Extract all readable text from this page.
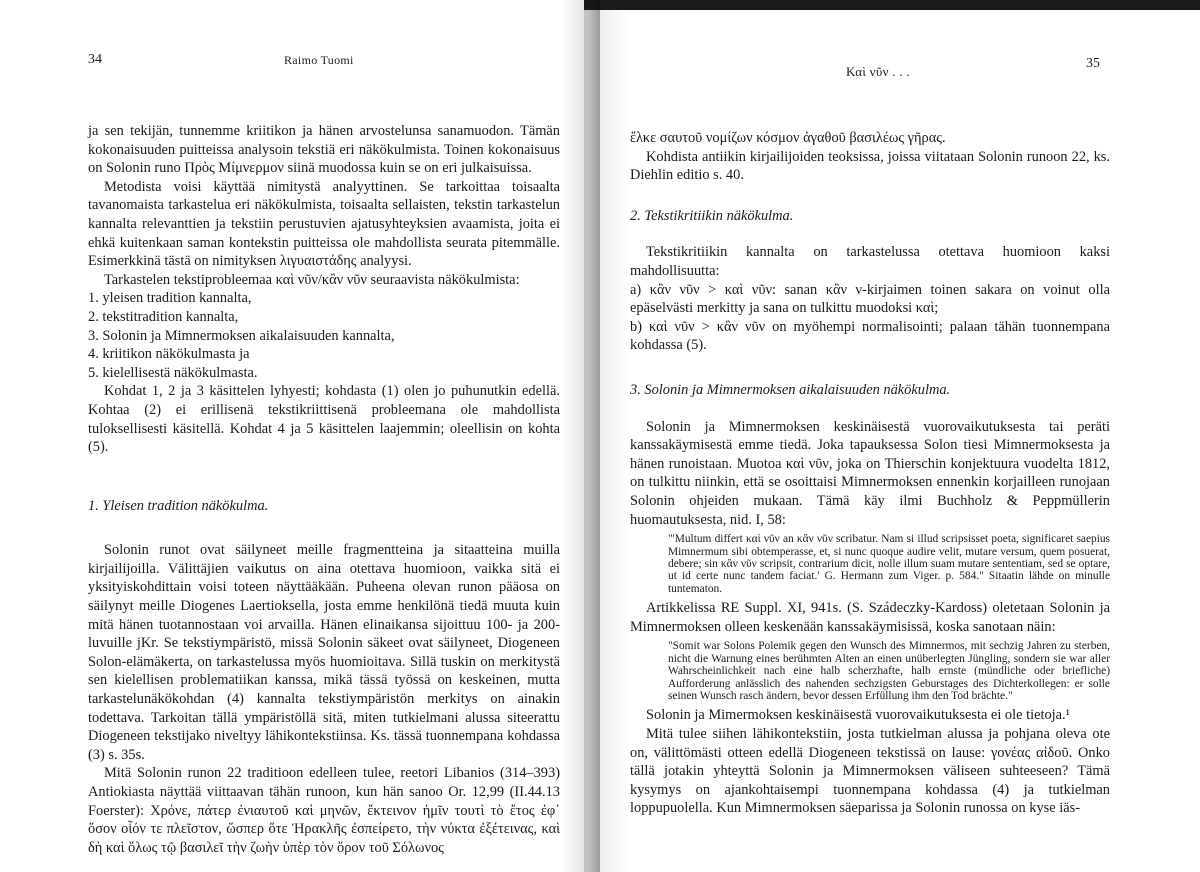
34	Raimo Tuomi

ja sen tekijän, tunnemme kriitikon ja hänen arvostelunsa sanamuodon. Tämän kokonaisuuden puitteissa analysoin tekstiä eri näkökulmista. Toinen kokonaisuus on Solonin runo Πρὸς Μίμνερμον siinä muodossa kuin se on eri julkaisuissa.

Metodista voisi käyttää nimitystä analyyttinen. Se tarkoittaa toisaalta tavanomaista tarkastelua eri näkökulmista, toisaalta sellaisten, tekstin tarkastelun kannalta relevanttien ja tekstiin perustuvien ajatusyhteyksien avaamista, joita ei ehkä kuitenkaan saman kontekstin puitteissa ole mahdollista seurata pitemmälle. Esimerkkinä tästä on nimityksen λιγυαιστάδης analyysi.

Tarkastelen tekstiprobleemaa καὶ νῦν/κἂν νῦν seuraavista näkökulmista:

1. yleisen tradition kannalta,

2. tekstitradition kannalta,

3. Solonin ja Mimnermoksen aikalaisuuden kannalta,

4. kriitikon näkökulmasta ja

5. kielellisestä näkökulmasta.

Kohdat 1, 2 ja 3 käsittelen lyhyesti; kohdasta (1) olen jo puhunutkin edellä. Kohtaa (2) ei erillisenä tekstikriittisenä probleemana ole mahdollista tuloksellisesti käsitellä. Kohdat 4 ja 5 käsittelen laajemmin; oleellisin on kohta (5).

1. Yleisen tradition näkökulma.

Solonin runot ovat säilyneet meille fragmentteina ja sitaatteina muilla kirjailijoilla. Välittäjien vaikutus on aina otettava huomioon, vaikka sitä ei yksityiskohdittain voisi toteen näyttääkään. Puheena olevan runon pääosa on säilynyt meille Diogenes Laertioksella, josta emme henkilönä tiedä muuta kuin mitä hänen tuotannostaan voi arvailla. Hänen elinaikansa sijoittuu 100- ja 200-luvuille jKr. Se tekstiympäristö, missä Solonin säkeet ovat säilyneet, Diogeneen Solon-elämäkerta, on tarkastelussa myös huomioitava. Sillä tuskin on merkitystä sen kielellisen problematiikan kanssa, mikä tässä työssä on keskeinen, mutta tarkastelunäkökohdan (4) kannalta tekstiympäristön merkitys on ainakin todettava. Tarkoitan tällä ympäristöllä sitä, miten tutkielmani alussa siteerattu Diogeneen tekstijako niveltyy lähikontekstiinsa. Ks. tässä tuonnempana kohdassa (3) s. 35s.

Mitä Solonin runon 22 traditioon edelleen tulee, reetori Libanios (314–393) Antiokiasta näyttää viittaavan tähän runoon, kun hän sanoo Or. 12,99 (II.44.13 Foerster): Χρόνε, πάτερ ἐνιαυτοῦ καὶ μηνῶν, ἔκτεινον ἡμῖν τουτὶ τὸ ἔτος ἐφ᾽ ὅσον οἷόν τε πλεῖστον, ὥσπερ ὅτε Ἡρακλῆς ἐσπείρετο, τὴν νύκτα ἐξέτεινας, καὶ δὴ καὶ ὅλως τῷ βασιλεῖ τὴν ζωὴν ὑπὲρ τὸν ὅρον τοῦ Σόλωνος

35
Καὶ νῦν . . .

ἕλκε σαυτοῦ νομίζων κόσμον ἀγαθοῦ βασιλέως γῆρας.

Kohdista antiikin kirjailijoiden teoksissa, joissa viitataan Solonin runoon 22, ks. Diehlin editio s. 40.

2. Tekstikritiikin näkökulma.

Tekstikritiikin kannalta on tarkastelussa otettava huomioon kaksi mahdollisuutta:

a) κἂν νῦν > καὶ νῦν: sanan κἂν ν-kirjaimen toinen sakara on voinut olla epäselvästi merkitty ja sana on tulkittu muodoksi καὶ;

b) καὶ νῦν > κἂν νῦν on myöhempi normalisointi; palaan tähän tuonnempana kohdassa (5).

3. Solonin ja Mimnermoksen aikalaisuuden näkökulma.

Solonin ja Mimnermoksen keskinäisestä vuorovaikutuksesta tai peräti kanssakäymisestä emme tiedä. Joka tapauksessa Solon tiesi Mimnermoksesta ja hänen runoistaan. Muotoa καὶ νῦν, joka on Thierschin konjektuura vuodelta 1812, on tulkittu niinkin, että se osoittaisi Mimnermoksen ennenkin korjailleen runojaan Solonin ohjeiden mukaan. Tämä käy ilmi Buchholz & Peppmüllerin huomautuksesta, nid. I, 58:

"'Multum differt καὶ νῦν an κἂν νῦν scribatur. Nam si illud scripsisset poeta, significaret saepius Mimnermum sibi obtemperasse, et, si nunc quoque audire velit, mutare versum, quem posuerat, debere; sin κἂν νῦν scripsit, contrarium dicit, nolle illum suam mutare sententiam, sed se optare, ut id certe nunc tandem faciat.' G. Hermann zum Viger. p. 584." Sitaatin lähde on minulle tuntematon.

Artikkelissa RE Suppl. XI, 941s. (S. Szádeczky-Kardoss) oletetaan Solonin ja Mimnermoksen olleen keskenään kanssakäymisissä, koska sanotaan näin:

"Somit war Solons Polemik gegen den Wunsch des Mimnermos, mit sechzig Jahren zu sterben, nicht die Warnung eines berühmten Alten an einen unüberlegten Jüngling, sondern sie war aller Wahrscheinlichkeit nach eine halb scherzhafte, halb ernste (mündliche oder briefliche) Aufforderung anlässlich des nahenden sechzigsten Geburstages des Dichterkollegen: er solle seinen Wunsch rasch ändern, bevor dessen Erfüllung ihm den Tod brächte."

Solonin ja Mimermoksen keskinäisestä vuorovaikutuksesta ei ole tietoja.¹

Mitä tulee siihen lähikontekstiin, josta tutkielman alussa ja pohjana oleva ote on, välittömästi otteen edellä Diogeneen tekstissä on lause: γονέας αἰδοῦ. Onko tällä jotakin yhteyttä Solonin ja Mimnermoksen väliseen suhteeseen? Tämä kysymys on ajankohtaisempi tuonnempana kohdassa (4) ja tutkielman loppupuolella. Kun Mimnermoksen säeparissa ja Solonin runossa on kyse iäs-
